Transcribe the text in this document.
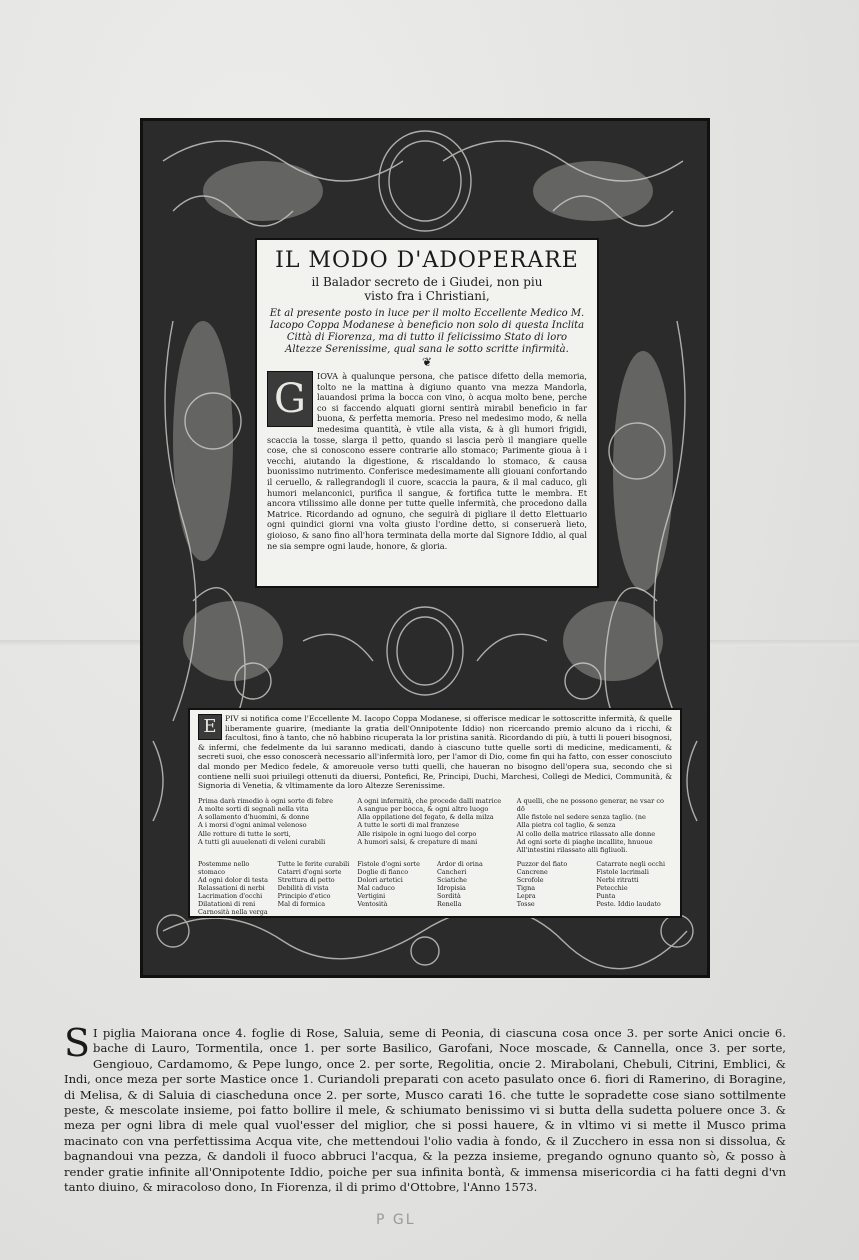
IL MODO D'ADOPERARE
il Balador secreto de i Giudei, non piu
visto fra i Christiani,
Et al presente posto in luce per il molto Eccellente Medico M. Iacopo Coppa Modanese à beneficio non solo di questa Inclita Città di Fiorenza, ma di tutto il felicissimo Stato di loro Altezze Serenissime, qual sana le sotto scritte infirmità.
❦
G	IOVA à qualunque persona, che patisce difetto della memoria, tolto ne la mattina à digiuno quanto vna mezza Mandorla, lauandosi prima la bocca con vino, ò acqua molto bene, perche co si faccendo alquati giorni sentirà mirabil beneficio in far buona, & perfetta memoria. Preso nel medesimo modo, & nella medesima quantità, è vtile alla vista, & à gli humori frigidi, scaccia la tosse, slarga il petto, quando si lascia però il mangiare quelle cose, che si conoscono essere contrarie allo stomaco; Parimente gioua à i vecchi, aiutando la digestione, & riscaldando lo stomaco, & causa buonissimo nutrimento. Conferisce medesimamente alli giouani confortando il ceruello, & rallegrandogli il cuore, scaccia la paura, & il mal caduco, gli humori melanconici, purifica il sangue, & fortifica tutte le membra. Et ancora vtilissimo alle donne per tutte quelle infermità, che procedono dalla Matrice. Ricordando ad ognuno, che seguirà di pigliare il detto Elettuario ogni quindici giorni vna volta giusto l'ordine detto, si conseruerà lieto, gioioso, & sano fino all'hora terminata della morte dal Signore Iddio, al qual ne sia sempre ogni laude, honore, & gloria.
E	PIV si notifica come l'Eccellente M. Iacopo Coppa Modanese, si offerisce medicar le sottoscritte infermità, & quelle liberamente guarire, (mediante la gratia dell'Onnipotente Iddio) non ricercando premio alcuno da i ricchi, & facultosi, fino à tanto, che nō habbino ricuperata la lor pristina sanità. Ricordando di più, à tutti li poueri bisognosi, & infermi, che fedelmente da lui saranno medicati, dando à ciascuno tutte quelle sorti di medicine, medicamenti, & secreti suoi, che esso conoscerà necessario all'infermità loro, per l'amor di Dio, come fin qui ha fatto, con esser conosciuto dal mondo per Medico fedele, & amoreuole verso tutti quelli, che haueran no bisogno dell'opera sua, secondo che si contiene nelli suoi priuilegi ottenuti da diuersi, Pontefici, Re, Principi, Duchi, Marchesi, Collegi de Medici, Communità, & Signoria di Venetia, & vltimamente da loro Altezze Serenissime.
Prima darà rimedio à ogni sorte di febre
A molte sorti di segnali nella vita
A sollamento d'huomini, & donne
A i morsi d'ogni animal velenoso
Alle rotture di tutte le sorti,
A tutti gli auuelenati di veleni curabili
A ogni infermità, che procede dalli matrice
A sangue per bocca, & ogni altro luogo
Alla oppilatione del fegato, & della milza
A tutte le sorti di mal franzese
Alle risipole in ogni luogo del corpo
A humori salsi, & crepature di mani
A quelli, che ne possono generar, ne vsar co dō
Alle fistole nel sedere senza taglio. (ne
Alla pietra col taglio, & senza
Al collo della matrice rilassato alle donne
Ad ogni sorte di piaghe incallite, hnuoue
All'intestini rilassato alli figliuoli.
Postemme nello stomaco
Ad ogni dolor di testa
Relassationi di nerbi
Lacrimation d'occhi
Dilatationi di reni
Carnosità nella verga
Tutte le ferite curabili
Catarri d'ogni sorte
Strettura di petto
Debilità di vista
Principio d'etico
Mal di formica
Fistole d'ogni sorte
Doglie di fianco
Dolori artetici
Mal caduco
Vertigini
Ventosità
Ardor di orina
Cancheri
Sciatiche
Idropisia
Sordità
Renella
Puzzor del fiato
Cancrene
Scrofole
Tigna
Lepra
Tosse
Catarrate negli occhi
Fistole lacrimali
Nerbi ritratti
Petecchie
Punta
Peste. Iddio laudato
S I piglia Maiorana once 4. foglie di Rose, Saluia, seme di Peonia, di ciascuna cosa once 3. per sorte Anici oncie 6. bache di Lauro, Tormentila, once 1. per sorte Basilico, Garofani, Noce moscade, & Cannella, once 3. per sorte, Gengiouo, Cardamomo, & Pepe lungo, once 2. per sorte, Regolitia, oncie 2. Mirabolani, Chebuli, Citrini, Emblici, & Indi, once meza per sorte Mastice once 1. Curiandoli preparati con aceto pasulato once 6. fiori di Ramerino, di Boragine, di Melisa, & di Saluia di ciascheduna once 2. per sorte, Musco carati 16. che tutte le sopradette cose siano sottilmente peste, & mescolate insieme, poi fatto bollire il mele, & schiumato benissimo vi si butta della sudetta poluere once 3. & meza per ogni libra di mele qual vuol'esser del miglior, che si possi hauere, & in vltimo vi si mette il Musco prima macinato con vna perfettissima Acqua vite, che mettendoui l'olio vadia à fondo, & il Zucchero in essa non si dissolua, & bagnandoui vna pezza, & dandoli il fuoco abbruci l'acqua, & la pezza insieme, pregando ognuno quanto sò, & posso à render gratie infinite all'Onnipotente Iddio, poiche per sua infinita bontà, & immensa misericordia ci ha fatti degni d'vn tanto diuino, & miracoloso dono, In Fiorenza, il di primo d'Ottobre, l'Anno 1573.
P GL
